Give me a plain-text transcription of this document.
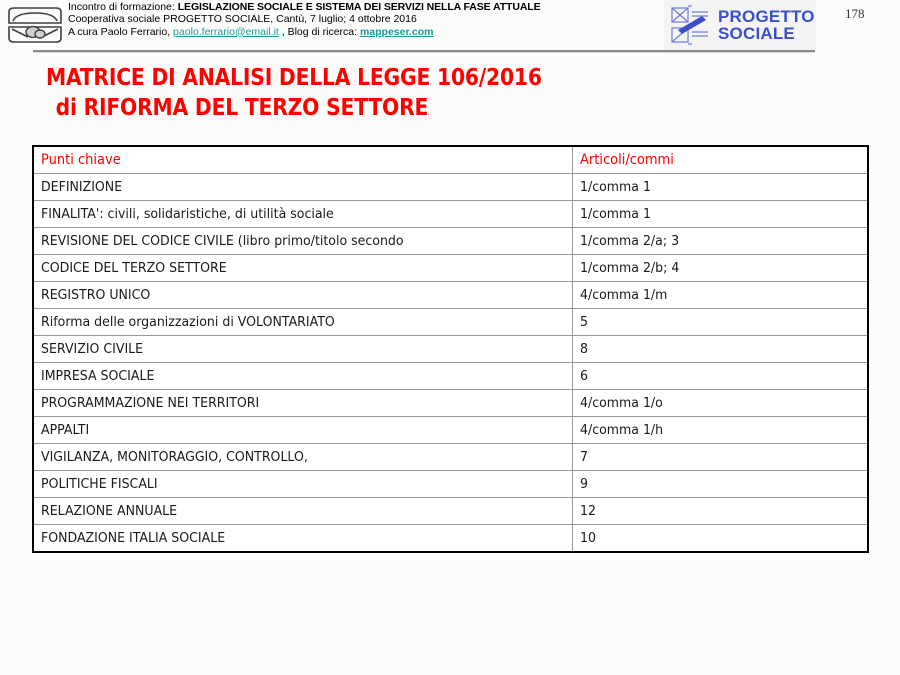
Incontro di formazione: LEGISLAZIONE SOCIALE E SISTEMA DEI SERVIZI NELLA FASE ATTUALE
Cooperativa sociale PROGETTO SOCIALE, Cantù, 7 luglio; 4 ottobre 2016
A cura Paolo Ferrario, paolo.ferrario@email.it , Blog di ricerca: mappeser.com
PROGETTO
SOCIALE
178
MATRICE DI ANALISI DELLA LEGGE 106/2016
di RIFORMA DEL TERZO SETTORE
Punti chiave	Articoli/commi
DEFINIZIONE	1/comma 1
FINALITA': civili, solidaristiche, di utilità sociale	1/comma 1
REVISIONE DEL CODICE CIVILE (libro primo/titolo secondo	1/comma 2/a; 3
CODICE DEL TERZO SETTORE	1/comma 2/b; 4
REGISTRO UNICO	4/comma 1/m
Riforma delle organizzazioni di VOLONTARIATO	5
SERVIZIO CIVILE	8
IMPRESA SOCIALE	6
PROGRAMMAZIONE NEI TERRITORI	4/comma 1/o
APPALTI	4/comma 1/h
VIGILANZA, MONITORAGGIO, CONTROLLO,	7
POLITICHE FISCALI	9
RELAZIONE ANNUALE	12
FONDAZIONE ITALIA SOCIALE	10
